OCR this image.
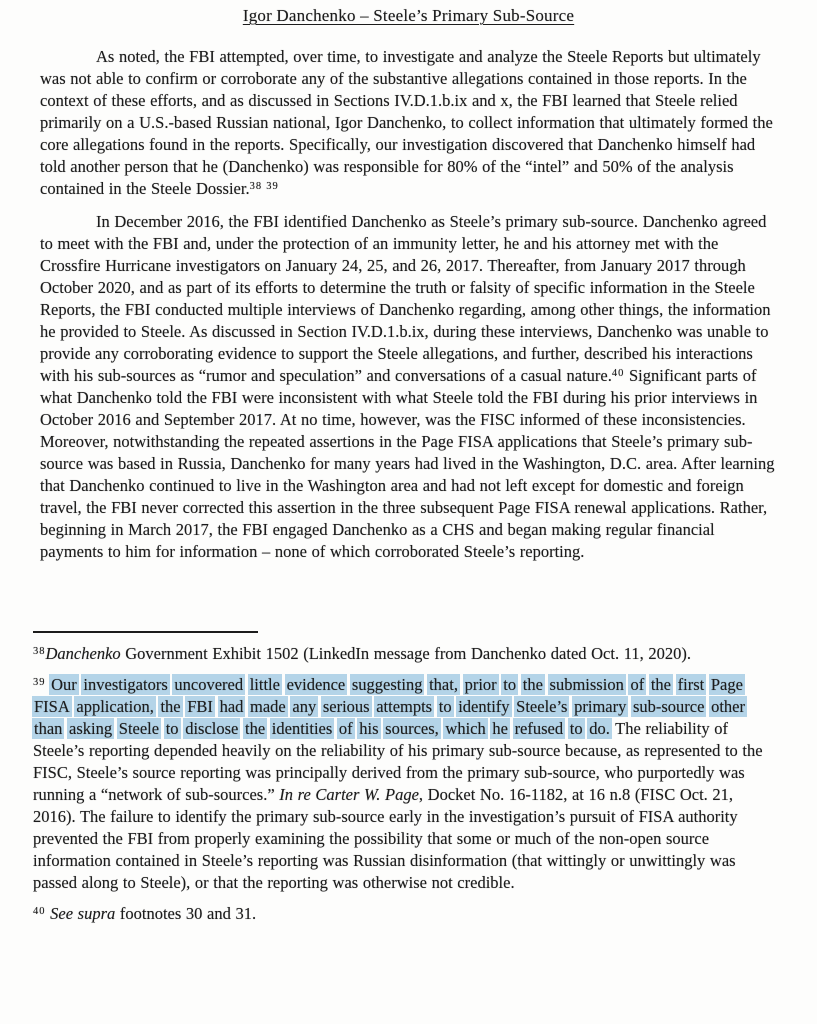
Igor Danchenko – Steele’s Primary Sub-Source

As noted, the FBI attempted, over time, to investigate and analyze the Steele Reports but ultimately was not able to confirm or corroborate any of the substantive allegations contained in those reports. In the context of these efforts, and as discussed in Sections IV.D.1.b.ix and x, the FBI learned that Steele relied primarily on a U.S.-based Russian national, Igor Danchenko, to collect information that ultimately formed the core allegations found in the reports. Specifically, our investigation discovered that Danchenko himself had told another person that he (Danchenko) was responsible for 80% of the “intel” and 50% of the analysis contained in the Steele Dossier.$^{38 39}$

In December 2016, the FBI identified Danchenko as Steele’s primary sub-source. Danchenko agreed to meet with the FBI and, under the protection of an immunity letter, he and his attorney met with the Crossfire Hurricane investigators on January 24, 25, and 26, 2017. Thereafter, from January 2017 through October 2020, and as part of its efforts to determine the truth or falsity of specific information in the Steele Reports, the FBI conducted multiple interviews of Danchenko regarding, among other things, the information he provided to Steele. As discussed in Section IV.D.1.b.ix, during these interviews, Danchenko was unable to provide any corroborating evidence to support the Steele allegations, and further, described his interactions with his sub-sources as “rumor and speculation” and conversations of a casual nature.$^{40}$ Significant parts of what Danchenko told the FBI were inconsistent with what Steele told the FBI during his prior interviews in October 2016 and September 2017. At no time, however, was the FISC informed of these inconsistencies. Moreover, notwithstanding the repeated assertions in the Page FISA applications that Steele’s primary sub-source was based in Russia, Danchenko for many years had lived in the Washington, D.C. area. After learning that Danchenko continued to live in the Washington area and had not left except for domestic and foreign travel, the FBI never corrected this assertion in the three subsequent Page FISA renewal applications. Rather, beginning in March 2017, the FBI engaged Danchenko as a CHS and began making regular financial payments to him for information – none of which corroborated Steele’s reporting.

$^{38}$Danchenko Government Exhibit 1502 (LinkedIn message from Danchenko dated Oct. 11, 2020).

$^{39}$ Our investigators uncovered little evidence suggesting that, prior to the submission of the first Page FISA application, the FBI had made any serious attempts to identify Steele’s primary sub-source other than asking Steele to disclose the identities of his sources, which he refused to do. The reliability of Steele’s reporting depended heavily on the reliability of his primary sub-source because, as represented to the FISC, Steele’s source reporting was principally derived from the primary sub-source, who purportedly was running a “network of sub-sources.” In re Carter W. Page, Docket No. 16-1182, at 16 n.8 (FISC Oct. 21, 2016). The failure to identify the primary sub-source early in the investigation’s pursuit of FISA authority prevented the FBI from properly examining the possibility that some or much of the non-open source information contained in Steele’s reporting was Russian disinformation (that wittingly or unwittingly was passed along to Steele), or that the reporting was otherwise not credible.

$^{40}$ See supra footnotes 30 and 31.
